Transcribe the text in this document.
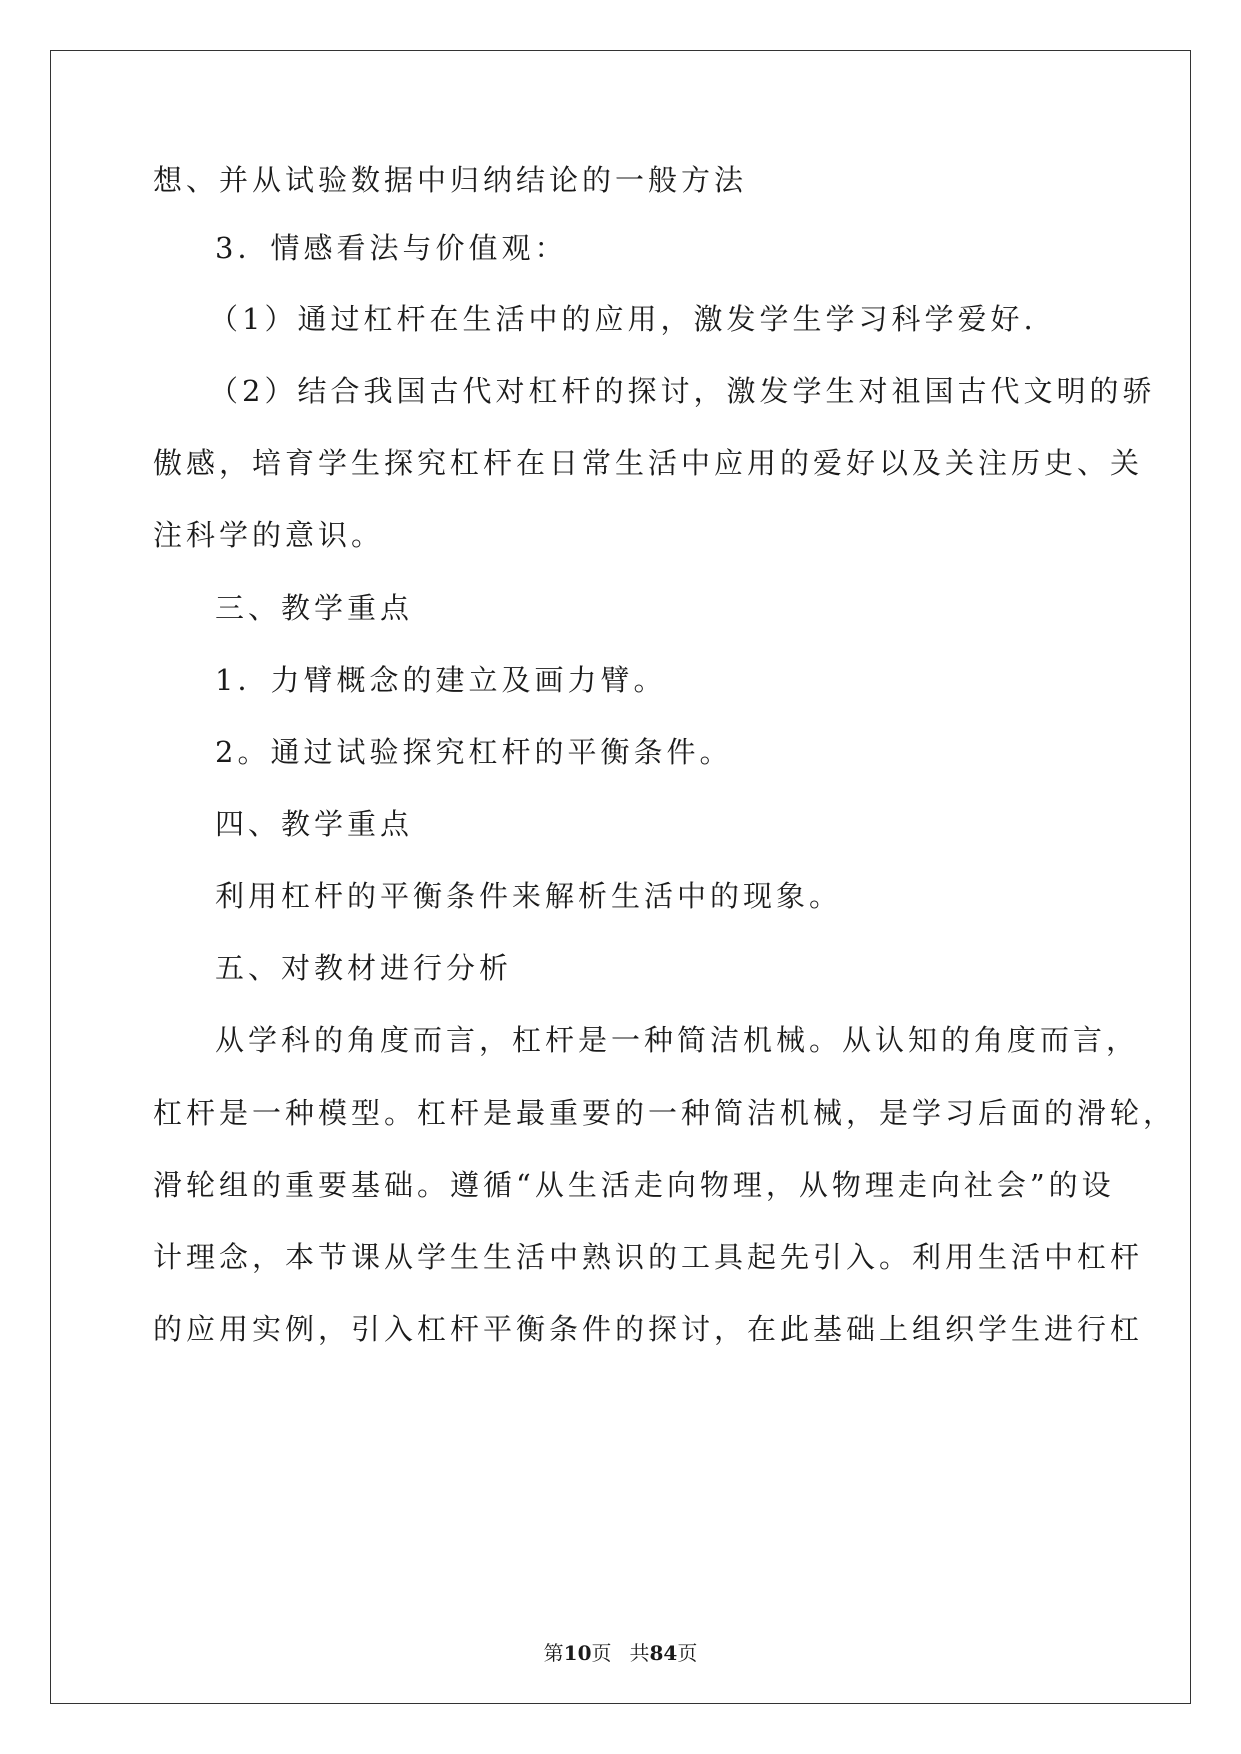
想、并从试验数据中归纳结论的一般方法
3．情感看法与价值观：
（1）通过杠杆在生活中的应用，激发学生学习科学爱好.
（2）结合我国古代对杠杆的探讨，激发学生对祖国古代文明的骄
傲感，培育学生探究杠杆在日常生活中应用的爱好以及关注历史、关
注科学的意识。
三、教学重点
1．力臂概念的建立及画力臂。
2。通过试验探究杠杆的平衡条件。
四、教学重点
利用杠杆的平衡条件来解析生活中的现象。
五、对教材进行分析
从学科的角度而言，杠杆是一种简洁机械。从认知的角度而言，
杠杆是一种模型。杠杆是最重要的一种简洁机械，是学习后面的滑轮，
滑轮组的重要基础。遵循“从生活走向物理，从物理走向社会”的设
计理念，本节课从学生生活中熟识的工具起先引入。利用生活中杠杆
的应用实例，引入杠杆平衡条件的探讨，在此基础上组织学生进行杠
第10页 共84页
